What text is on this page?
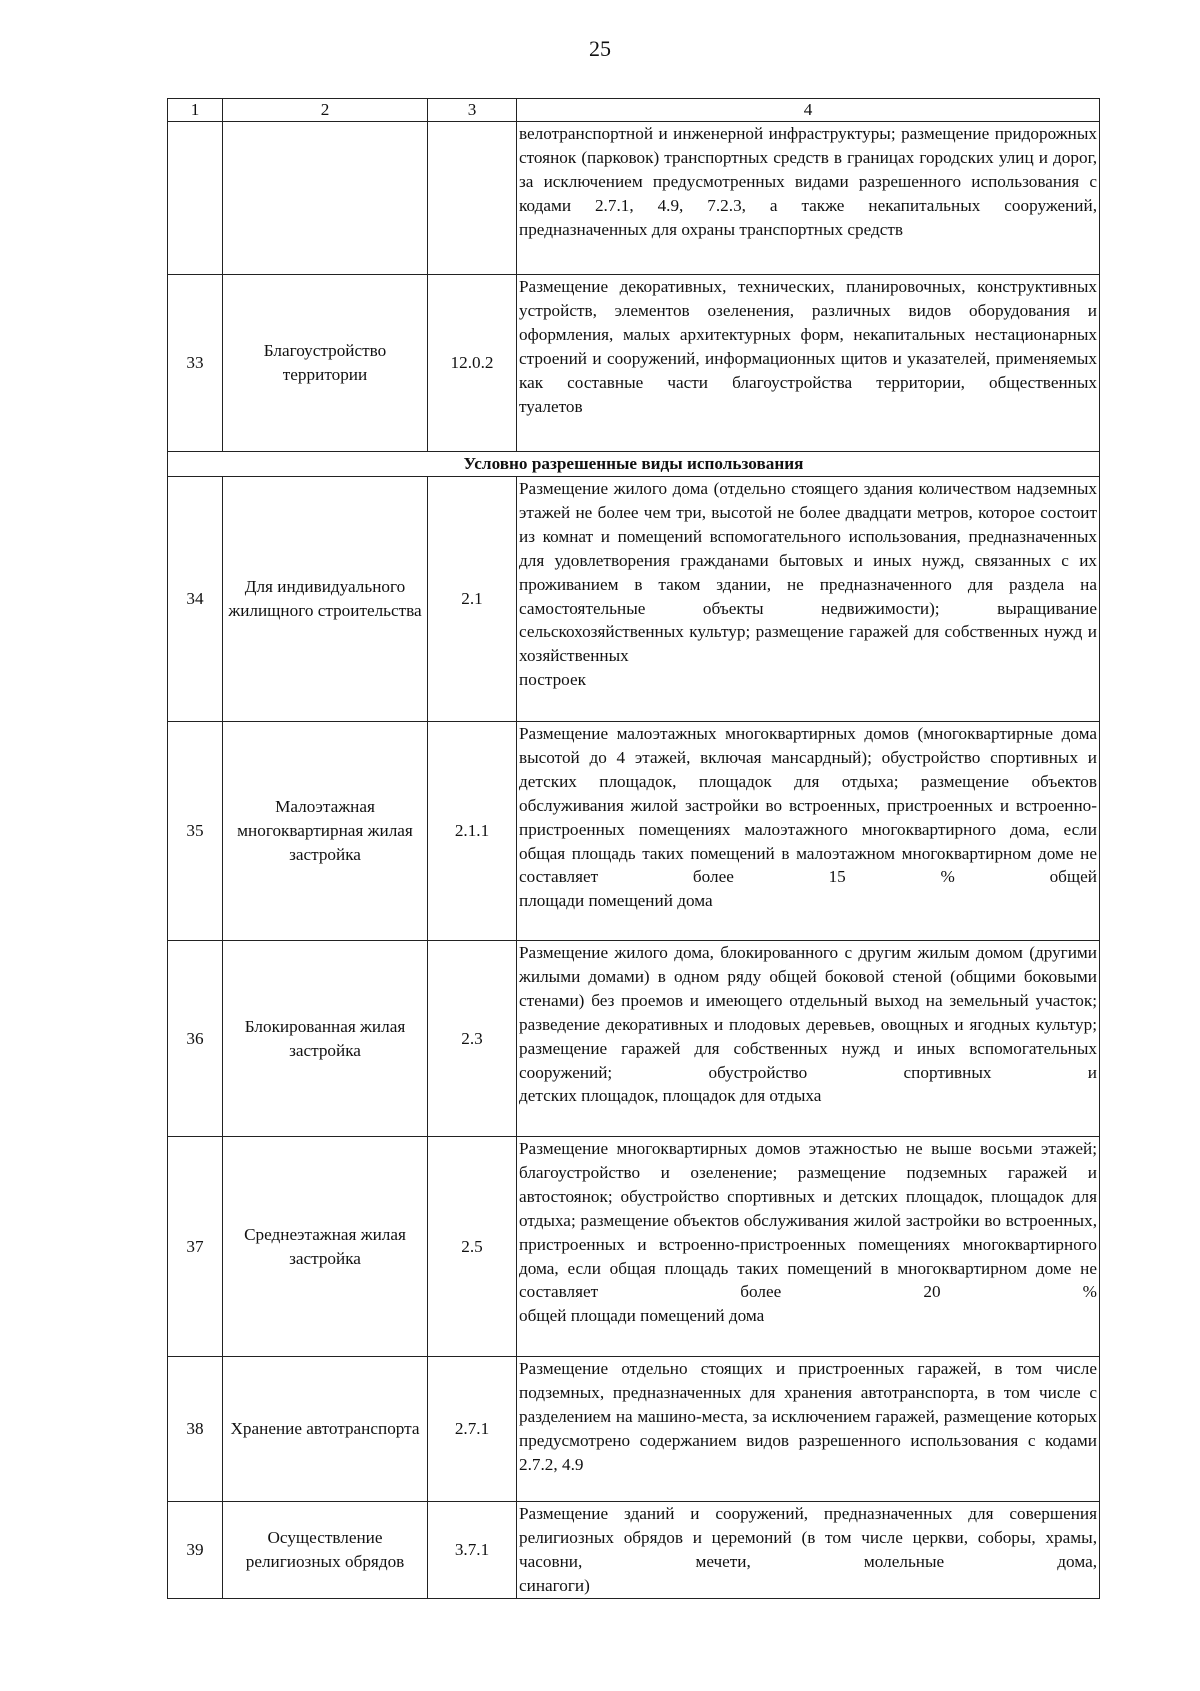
25
1	2	3	4
			велотранспортной и инженерной инфраструктуры; размещение придорожных стоянок (парковок) транспортных средств в границах городских улиц и дорог, за исключением предусмотренных видами разрешенного использования с кодами 2.7.1, 4.9, 7.2.3, а также некапитальных сооружений,
предназначенных для охраны транспортных средств

33	Благоустройство территории	12.0.2	Размещение декоративных, технических, планировочных, конструктивных устройств, элементов озеленения, различных видов оборудования и оформления, малых архитектурных форм, некапитальных нестационарных строений и сооружений, информационных щитов и указателей, применяемых как составные части благоустройства территории, общественных
туалетов

Условно разрешенные виды использования			
34	Для индивидуального жилищного строительства	2.1	Размещение жилого дома (отдельно стоящего здания количеством надземных этажей не более чем три, высотой не более двадцати метров, которое состоит из комнат и помещений вспомогательного использования, предназначенных для удовлетворения гражданами бытовых и иных нужд, связанных с их проживанием в таком здании, не предназначенного для раздела на самостоятельные объекты недвижимости); выращивание сельскохозяйственных культур; размещение гаражей для собственных нужд и хозяйственных
построек

35	Малоэтажная многоквартирная жилая застройка	2.1.1	Размещение малоэтажных многоквартирных домов (многоквартирные дома высотой до 4 этажей, включая мансардный); обустройство спортивных и детских площадок, площадок для отдыха; размещение объектов обслуживания жилой застройки во встроенных, пристроенных и встроенно-пристроенных помещениях малоэтажного многоквартирного дома, если общая площадь таких помещений в малоэтажном многоквартирном доме не составляет более 15 % общей
площади помещений дома

36	Блокированная жилая застройка	2.3	Размещение жилого дома, блокированного с другим жилым домом (другими жилыми домами) в одном ряду общей боковой стеной (общими боковыми стенами) без проемов и имеющего отдельный выход на земельный участок; разведение декоративных и плодовых деревьев, овощных и ягодных культур; размещение гаражей для собственных нужд и иных вспомогательных сооружений; обустройство спортивных и
детских площадок, площадок для отдыха

37	Среднеэтажная жилая застройка	2.5	Размещение многоквартирных домов этажностью не выше восьми этажей; благоустройство и озеленение; размещение подземных гаражей и автостоянок; обустройство спортивных и детских площадок, площадок для отдыха; размещение объектов обслуживания жилой застройки во встроенных, пристроенных и встроенно-пристроенных помещениях многоквартирного дома, если общая площадь таких помещений в многоквартирном доме не составляет более 20 %
общей площади помещений дома

38	Хранение автотранспорта	2.7.1	Размещение отдельно стоящих и пристроенных гаражей, в том числе подземных, предназначенных для хранения автотранспорта, в том числе с разделением на машино-места, за исключением гаражей, размещение которых предусмотрено содержанием видов разрешенного использования с кодами
2.7.2, 4.9

39	Осуществление религиозных обрядов	3.7.1	Размещение зданий и сооружений, предназначенных для совершения религиозных обрядов и церемоний (в том числе церкви, соборы, храмы, часовни, мечети, молельные дома,
синагоги)
